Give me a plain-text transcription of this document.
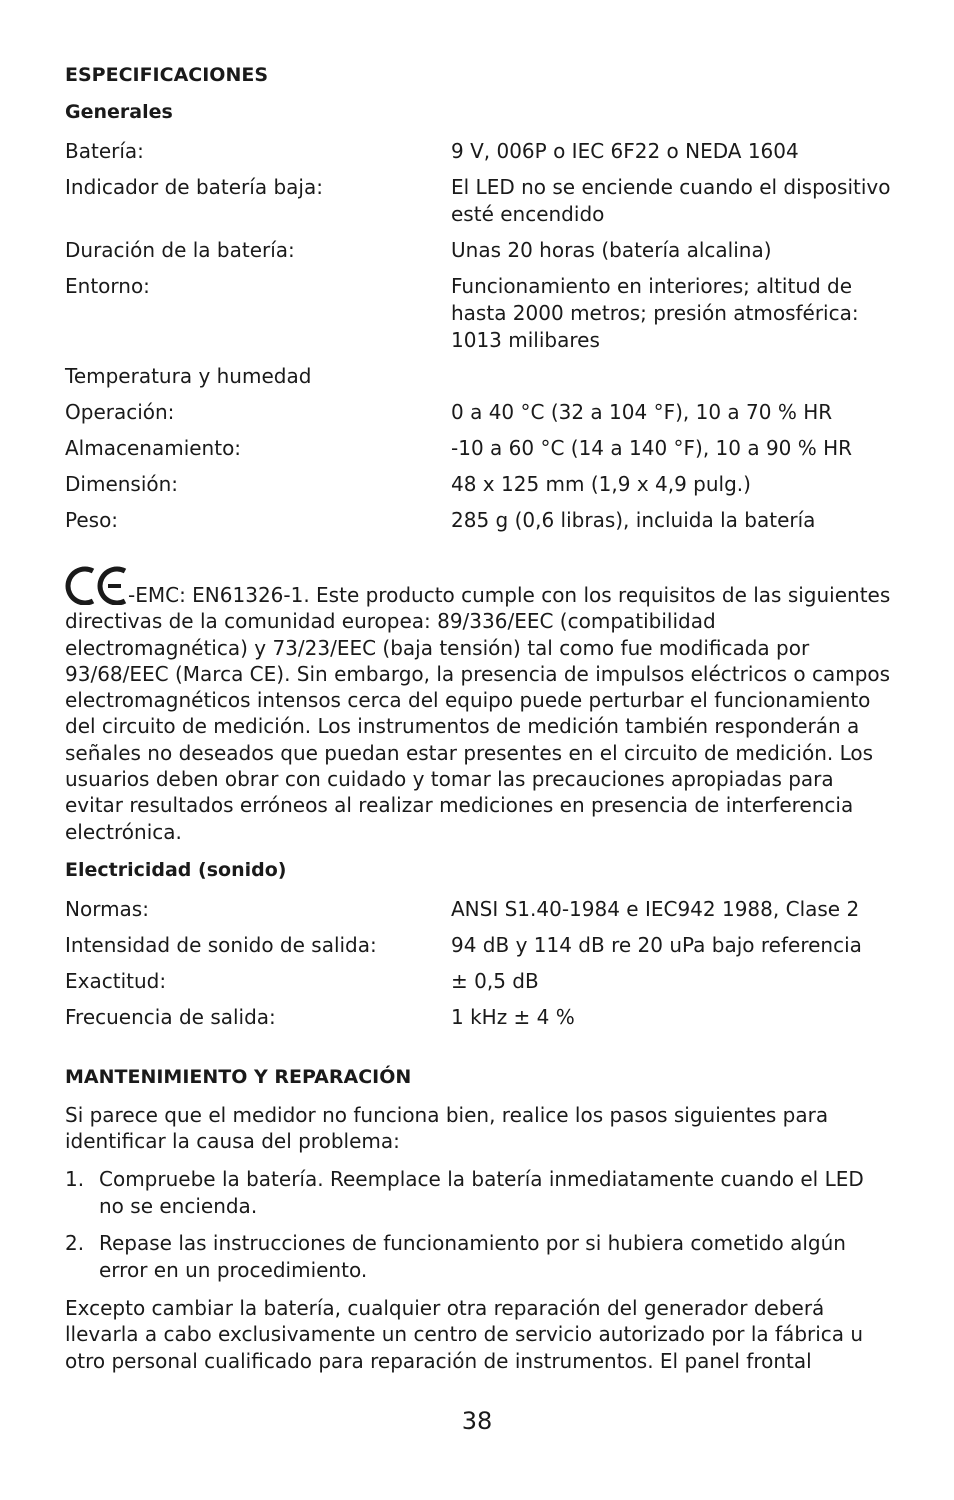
ESPECIFICACIONES
Generales
Batería:	9 V, 006P o IEC 6F22 o NEDA 1604
Indicador de batería baja:	El LED no se enciende cuando el dispositivo esté encendido
Duración de la batería:	Unas 20 horas (batería alcalina)
Entorno:	Funcionamiento en interiores; altitud de hasta 2000 metros; presión atmosférica: 1013 milibares
Temperatura y humedad
Operación:	0 a 40 °C (32 a 104 °F), 10 a 70 % HR
Almacenamiento:	-10 a 60 °C (14 a 140 °F), 10 a 90 % HR
Dimensión:	48 x 125 mm (1,9 x 4,9 pulg.)
Peso:	285 g (0,6 libras), incluida la batería
-EMC: EN61326-1. Este producto cumple con los requisitos de las siguientes directivas de la comunidad europea: 89/336/EEC (compatibilidad electromagnética) y 73/23/EEC (baja tensión) tal como fue modificada por 93/68/EEC (Marca CE). Sin embargo, la presencia de impulsos eléctricos o campos electromagnéticos intensos cerca del equipo puede perturbar el funcionamiento del circuito de medición. Los instrumentos de medición también responderán a señales no deseados que puedan estar presentes en el circuito de medición. Los usuarios deben obrar con cuidado y tomar las precauciones apropiadas para evitar resultados erróneos al realizar mediciones en presencia de interferencia electrónica.
Electricidad (sonido)
Normas:	ANSI S1.40-1984 e IEC942 1988, Clase 2
Intensidad de sonido de salida:	94 dB y 114 dB re 20 uPa bajo referencia
Exactitud:	± 0,5 dB
Frecuencia de salida:	1 kHz ± 4 %
MANTENIMIENTO Y REPARACIÓN
Si parece que el medidor no funciona bien, realice los pasos siguientes para identificar la causa del problema:
1. Compruebe la batería. Reemplace la batería inmediatamente cuando el LED no se encienda.
2. Repase las instrucciones de funcionamiento por si hubiera cometido algún error en un procedimiento.
Excepto cambiar la batería, cualquier otra reparación del generador deberá llevarla a cabo exclusivamente un centro de servicio autorizado por la fábrica u otro personal cualificado para reparación de instrumentos. El panel frontal
38
